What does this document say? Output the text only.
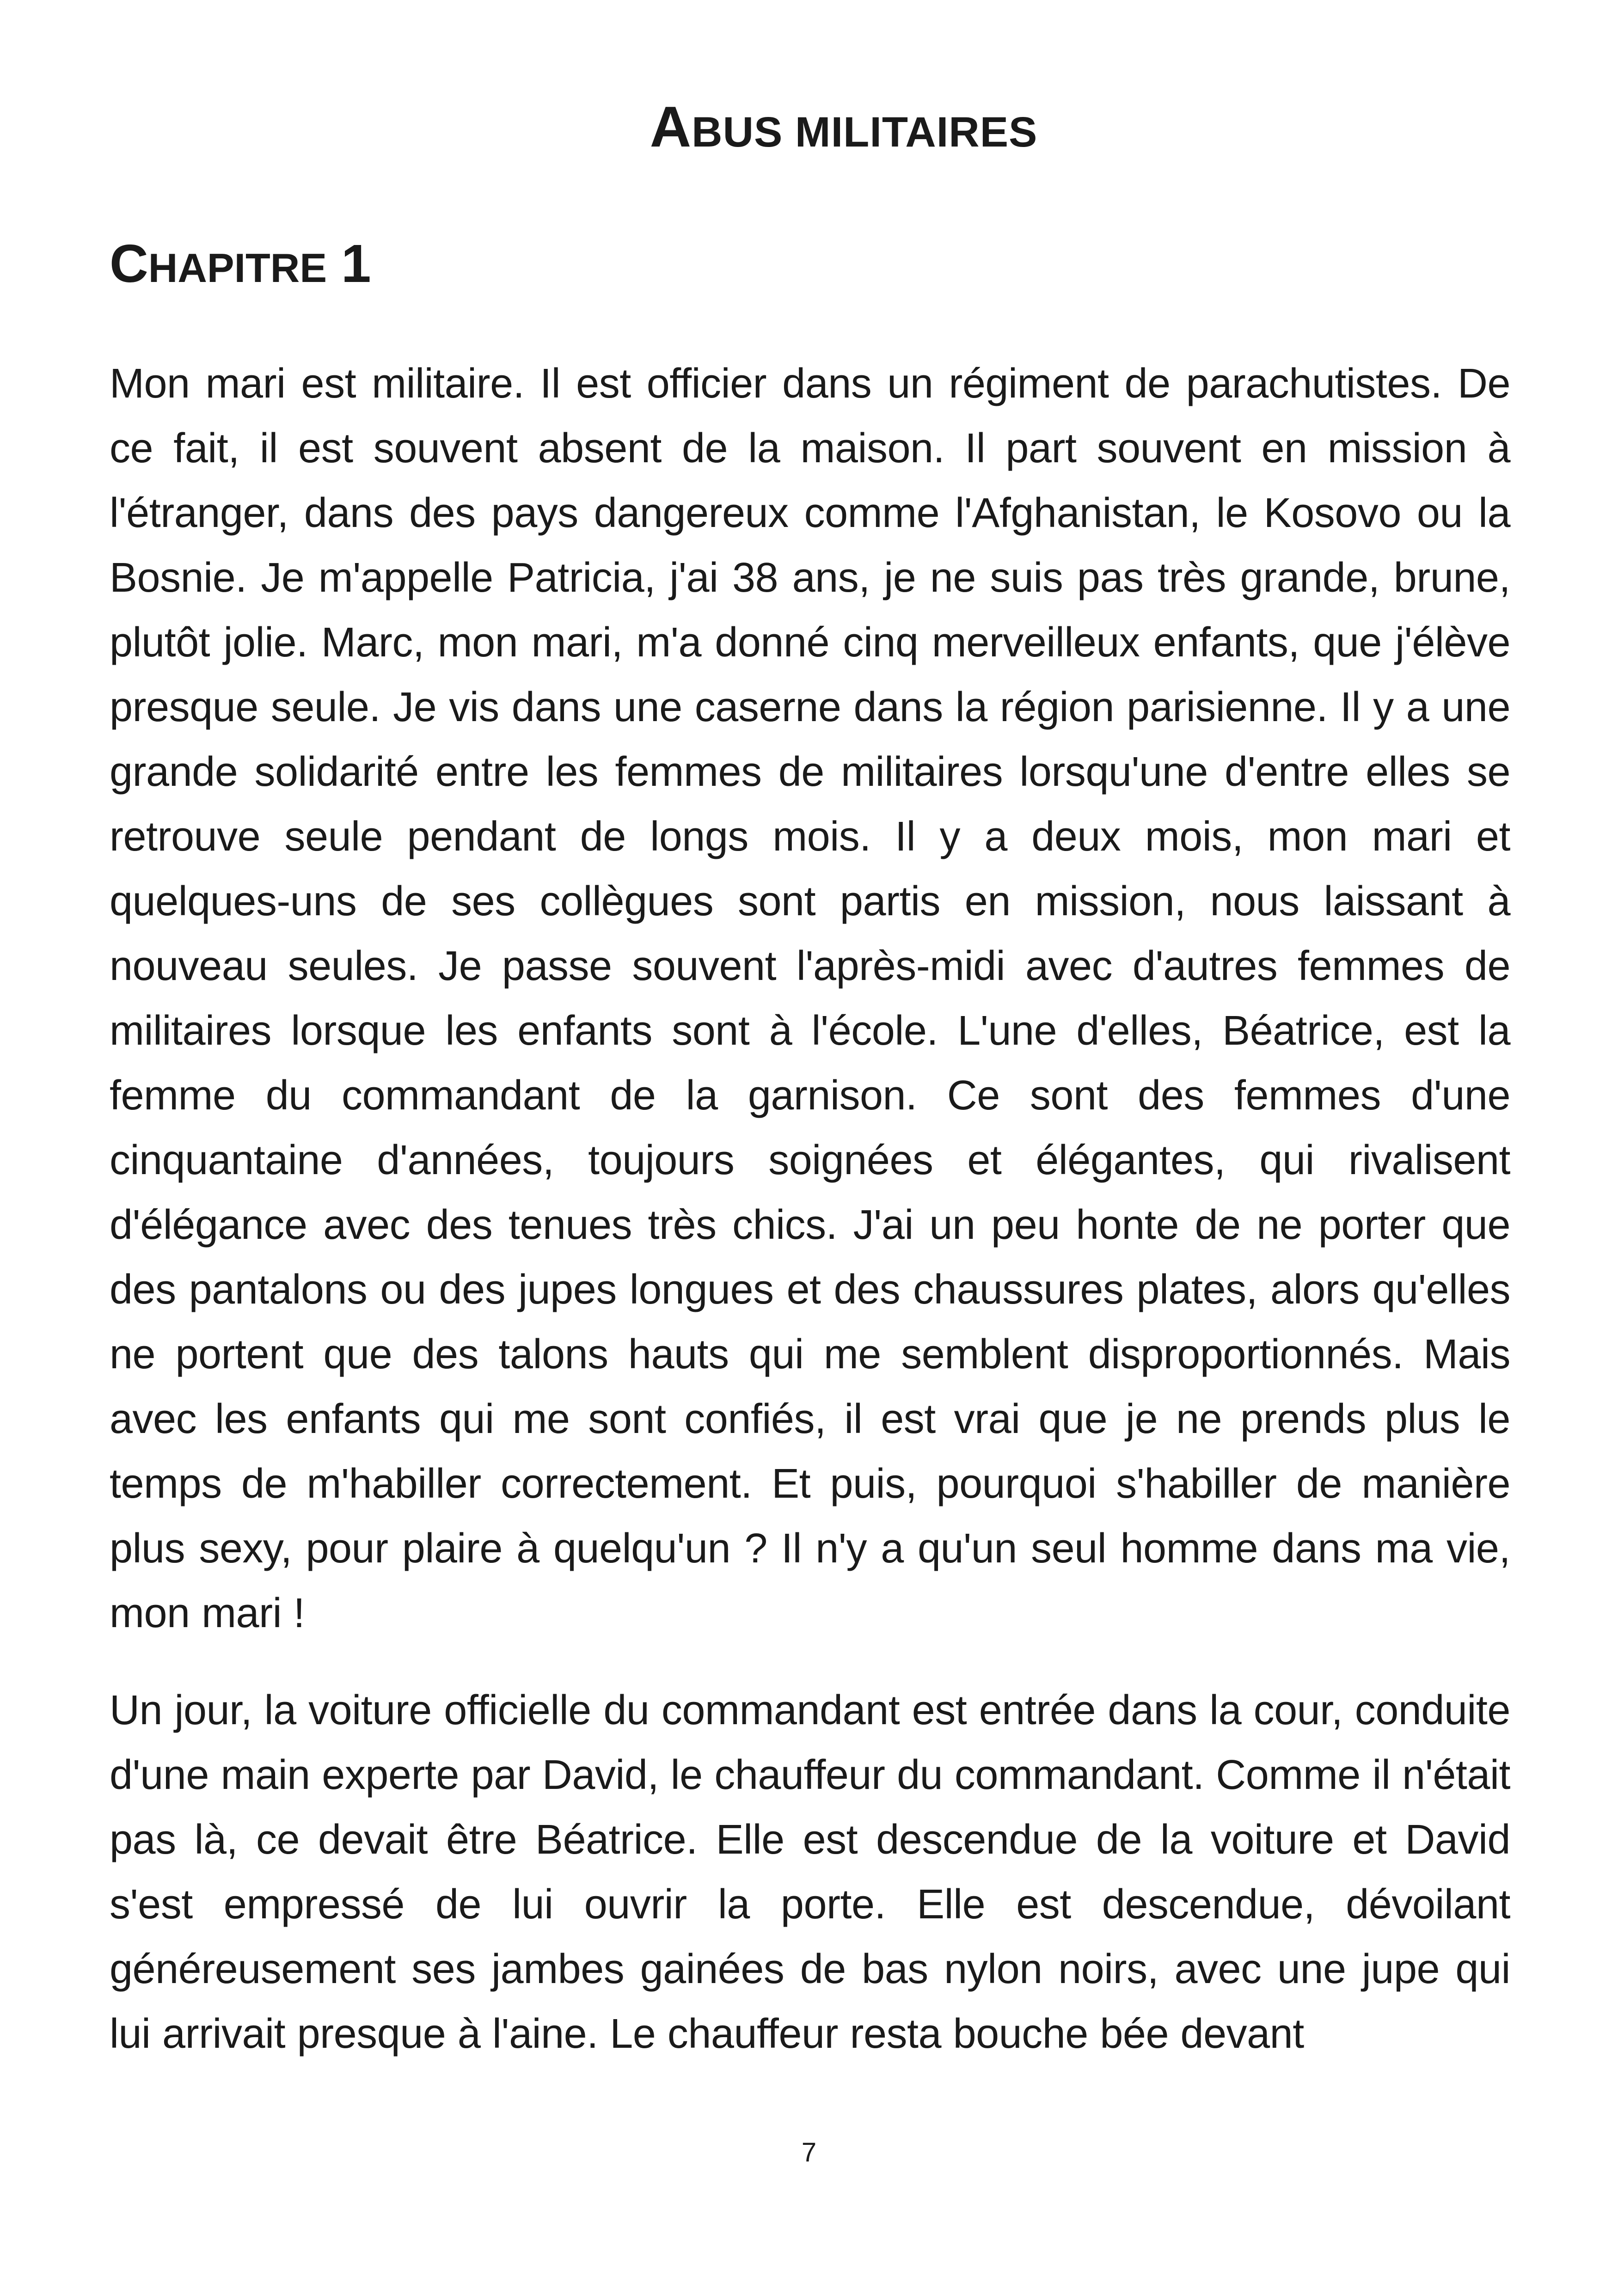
ABUS MILITAIRES
CHAPITRE 1

Mon mari est militaire. Il est officier dans un régiment de parachutistes. De ce fait, il est souvent absent de la maison. Il part souvent en mission à l'étranger, dans des pays dangereux comme l'Afghanistan, le Kosovo ou la Bosnie. Je m'appelle Patricia, j'ai 38 ans, je ne suis pas très grande, brune, plutôt jolie. Marc, mon mari, m'a donné cinq merveilleux enfants, que j'élève presque seule. Je vis dans une caserne dans la région parisienne. Il y a une grande solidarité entre les femmes de militaires lorsqu'une d'entre elles se retrouve seule pendant de longs mois. Il y a deux mois, mon mari et quelques-uns de ses collègues sont partis en mission, nous laissant à nouveau seules. Je passe souvent l'après-midi avec d'autres femmes de militaires lorsque les enfants sont à l'école. L'une d'elles, Béatrice, est la femme du commandant de la garnison. Ce sont des femmes d'une cinquantaine d'années, toujours soignées et élégantes, qui rivalisent d'élégance avec des tenues très chics. J'ai un peu honte de ne porter que des pantalons ou des jupes longues et des chaussures plates, alors qu'elles ne portent que des talons hauts qui me semblent disproportionnés. Mais avec les enfants qui me sont confiés, il est vrai que je ne prends plus le temps de m'habiller correctement. Et puis, pourquoi s'habiller de manière plus sexy, pour plaire à quelqu'un ? Il n'y a qu'un seul homme dans ma vie, mon mari !

Un jour, la voiture officielle du commandant est entrée dans la cour, conduite d'une main experte par David, le chauffeur du commandant. Comme il n'était pas là, ce devait être Béatrice. Elle est descendue de la voiture et David s'est empressé de lui ouvrir la porte. Elle est descendue, dévoilant généreusement ses jambes gainées de bas nylon noirs, avec une jupe qui lui arrivait presque à l'aine. Le chauffeur resta bouche bée devant

7
